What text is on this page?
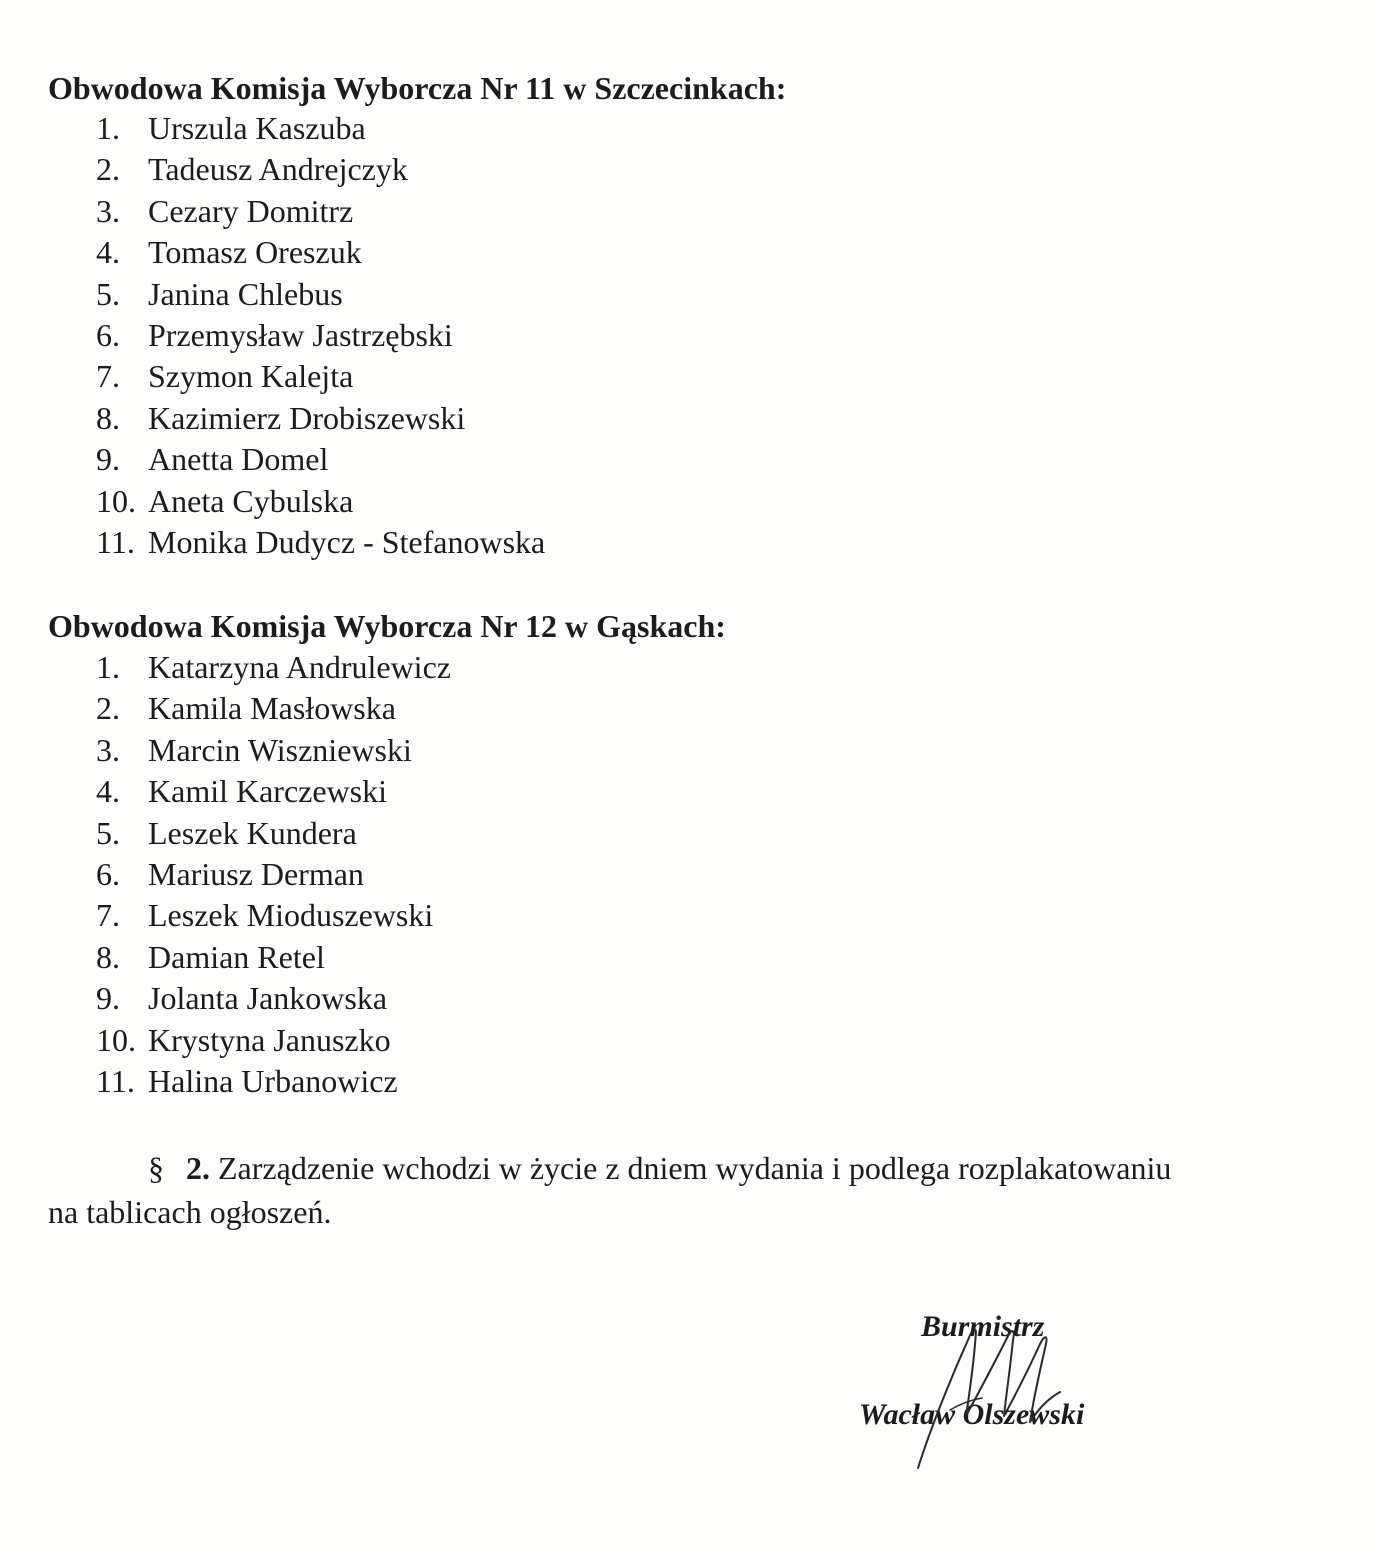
Obwodowa Komisja Wyborcza Nr 11 w Szczecinkach:
1. Urszula Kaszuba
2. Tadeusz Andrejczyk
3. Cezary Domitrz
4. Tomasz Oreszuk
5. Janina Chlebus
6. Przemysław Jastrzębski
7. Szymon Kalejta
8. Kazimierz Drobiszewski
9. Anetta Domel
10. Aneta Cybulska
11. Monika Dudycz - Stefanowska
Obwodowa Komisja Wyborcza Nr 12 w Gąskach:
1. Katarzyna Andrulewicz
2. Kamila Masłowska
3. Marcin Wiszniewski
4. Kamil Karczewski
5. Leszek Kundera
6. Mariusz Derman
7. Leszek Mioduszewski
8. Damian Retel
9. Jolanta Jankowska
10. Krystyna Januszko
11. Halina Urbanowicz

§ 2. Zarządzenie wchodzi w życie z dniem wydania i podlega rozplakatowaniu
na tablicach ogłoszeń.

Burmistrz
Wacław Olszewski
